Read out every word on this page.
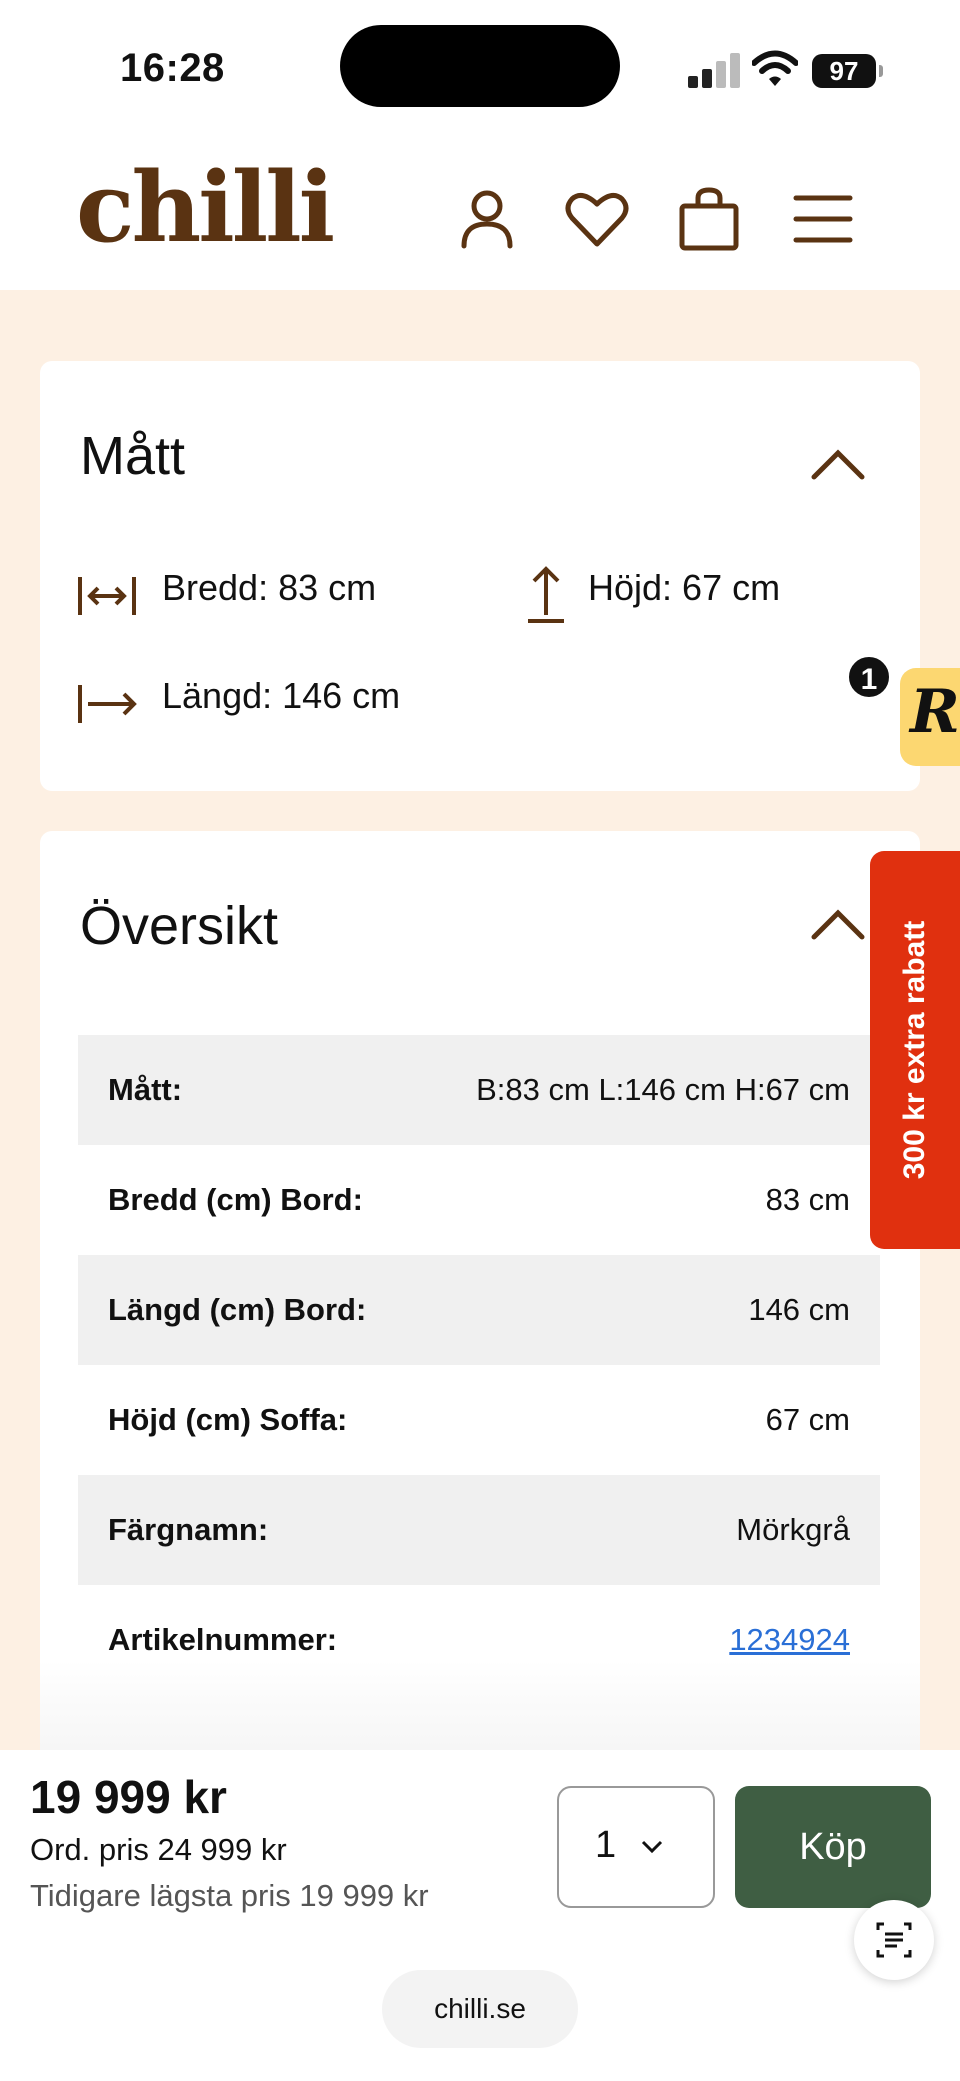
16:28	97
chilli
Mått
Bredd: 83 cm	Höjd: 67 cm
Längd: 146 cm
Översikt
Mått:	B:83 cm L:146 cm H:67 cm
Bredd (cm) Bord:	83 cm
Längd (cm) Bord:	146 cm
Höjd (cm) Soffa:	67 cm
Färgnamn:	Mörkgrå
Artikelnummer:	1234924
R
1
300 kr extra rabatt
19 999 kr
Ord. pris 24 999 kr
Tidigare lägsta pris 19 999 kr
1	Köp
chilli.se
